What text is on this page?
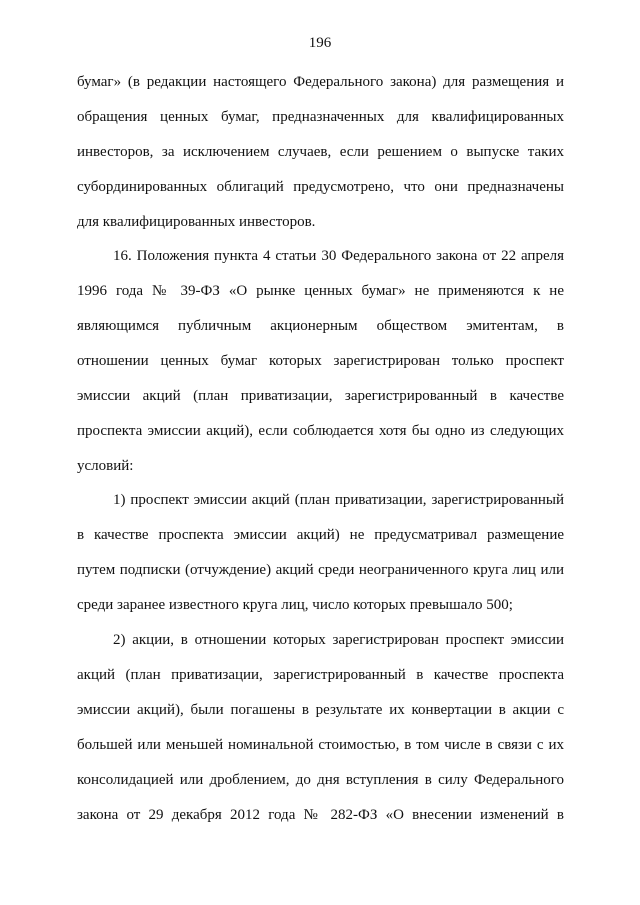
196
бумаг» (в редакции настоящего Федерального закона) для размещения и
обращения ценных бумаг, предназначенных для квалифицированных
инвесторов, за исключением случаев, если решением о выпуске таких
субординированных облигаций предусмотрено, что они предназначены
для квалифицированных инвесторов.
16. Положения пункта 4 статьи 30 Федерального закона от 22 апреля
1996 года № 39-ФЗ «О рынке ценных бумаг» не применяются к не
являющимся публичным акционерным обществом эмитентам, в
отношении ценных бумаг которых зарегистрирован только проспект
эмиссии акций (план приватизации, зарегистрированный в качестве
проспекта эмиссии акций), если соблюдается хотя бы одно из следующих
условий:
1) проспект эмиссии акций (план приватизации, зарегистрированный
в качестве проспекта эмиссии акций) не предусматривал размещение
путем подписки (отчуждение) акций среди неограниченного круга лиц или
среди заранее известного круга лиц, число которых превышало 500;
2) акции, в отношении которых зарегистрирован проспект эмиссии
акций (план приватизации, зарегистрированный в качестве проспекта
эмиссии акций), были погашены в результате их конвертации в акции с
большей или меньшей номинальной стоимостью, в том числе в связи с их
консолидацией или дроблением, до дня вступления в силу Федерального
закона от 29 декабря 2012 года № 282-ФЗ «О внесении изменений в
